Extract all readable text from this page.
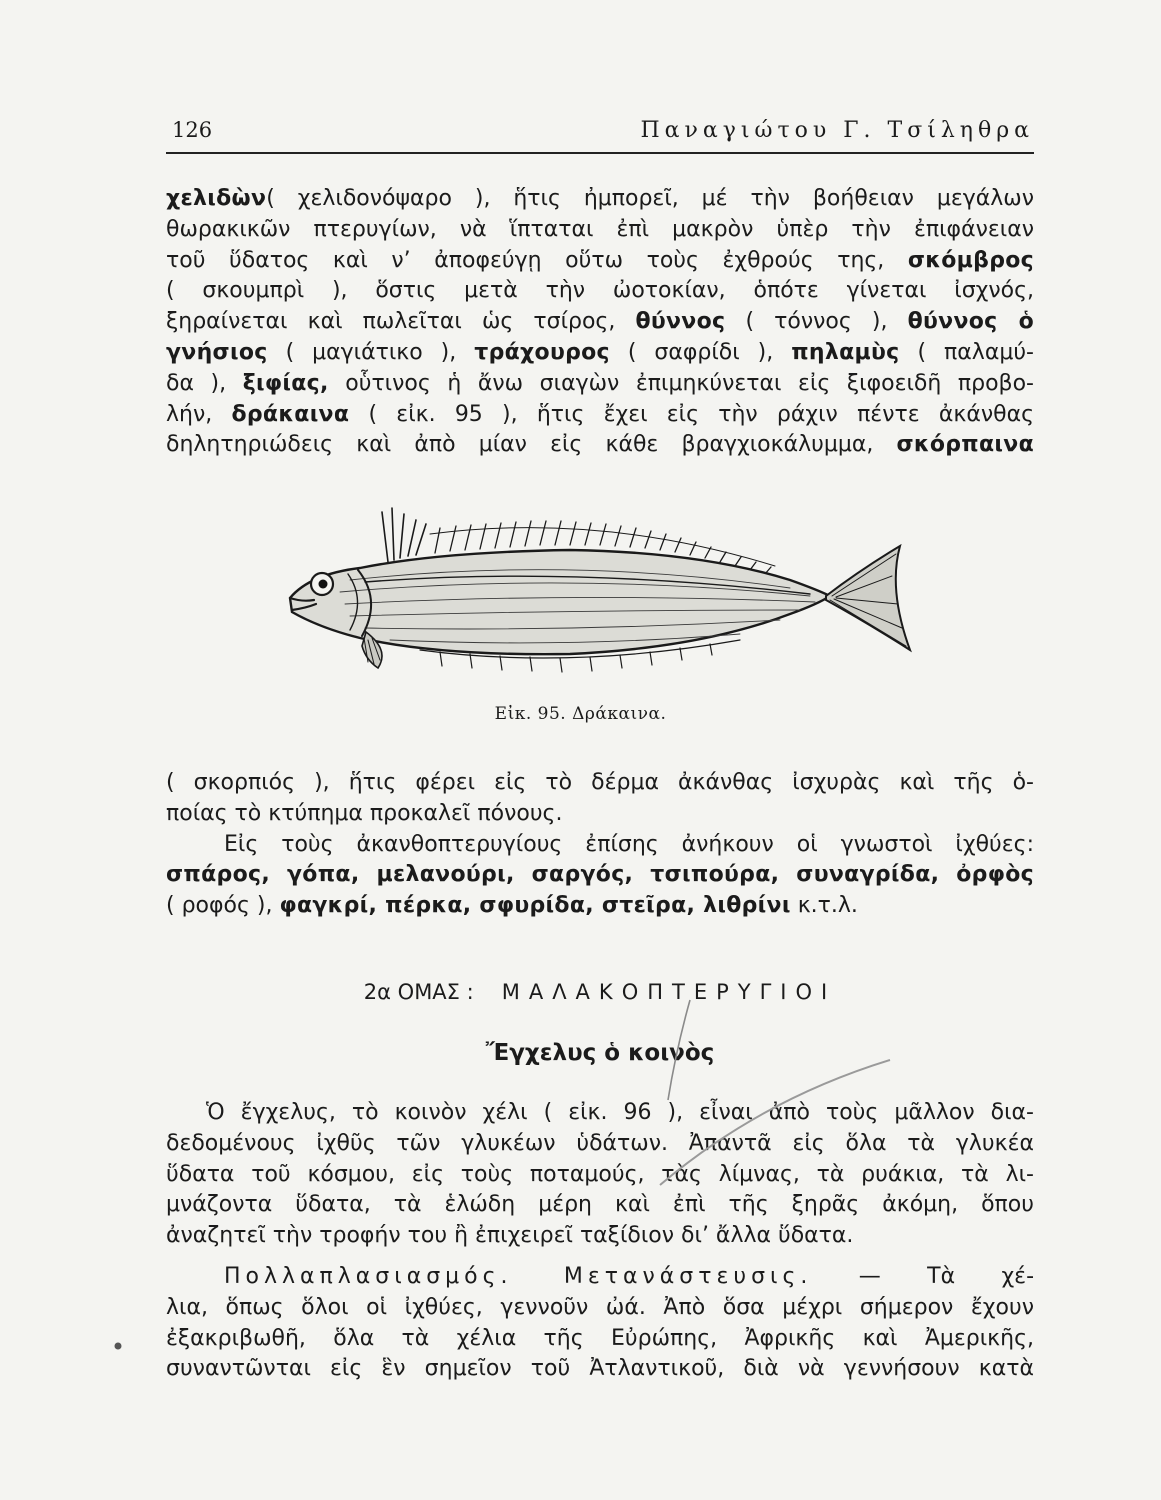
126	Παναγιώτου Γ. Τσίληθρα
χελιδὼν( χελιδονόψαρο ), ἥτις ἠμπορεῖ, μέ τὴν βοήθειαν μεγάλων
θωρακικῶν πτερυγίων, νὰ ἵπταται ἐπὶ μακρὸν ὑπὲρ τὴν ἐπιφάνειαν
τοῦ ὕδατος καὶ ν’ ἀποφεύγῃ οὕτω τοὺς ἐχθρούς της, σκόμβρος
( σκουμπρὶ ), ὅστις μετὰ τὴν ὠοτοκίαν, ὁπότε γίνεται ἰσχνός,
ξηραίνεται καὶ πωλεῖται ὡς τσίρος, θύννος ( τόννος ), θύννος ὁ
γνήσιος ( μαγιάτικο ), τράχουρος ( σαφρίδι ), πηλαμὺς ( παλαμύ-
δα ), ξιφίας, οὗτινος ἡ ἄνω σιαγὼν ἐπιμηκύνεται εἰς ξιφοειδῆ προβο-
λήν, δράκαινα ( εἰκ. 95 ), ἥτις ἔχει εἰς τὴν ράχιν πέντε ἀκάνθας
δηλητηριώδεις καὶ ἀπὸ μίαν εἰς κάθε βραγχιοκάλυμμα, σκόρπαινα
Εἰκ. 95. Δράκαινα.
( σκορπιός ), ἥτις φέρει εἰς τὸ δέρμα ἀκάνθας ἰσχυρὰς καὶ τῆς ὁ-
ποίας τὸ κτύπημα προκαλεῖ πόνους.
Εἰς τοὺς ἀκανθοπτερυγίους ἐπίσης ἀνήκουν οἱ γνωστοὶ ἰχθύες:
σπάρος, γόπα, μελανούρι, σαργός, τσιπούρα, συναγρίδα, ὀρφὸς
( ροφός ), φαγκρί, πέρκα, σφυρίδα, στεῖρα, λιθρίνι κ.τ.λ.
2α ΟΜΑΣ : ΜΑΛΑΚΟΠΤΕΡΥΓΙΟΙ
Ἔγχελυς ὁ κοινὸς
Ὁ ἔγχελυς, τὸ κοινὸν χέλι ( εἰκ. 96 ), εἶναι ἀπὸ τοὺς μᾶλλον δια-
δεδομένους ἰχθῦς τῶν γλυκέων ὑδάτων. Ἀπαντᾶ εἰς ὅλα τὰ γλυκέα
ὕδατα τοῦ κόσμου, εἰς τοὺς ποταμούς, τὰς λίμνας, τὰ ρυάκια, τὰ λι-
μνάζοντα ὕδατα, τὰ ἑλώδη μέρη καὶ ἐπὶ τῆς ξηρᾶς ἀκόμη, ὅπου
ἀναζητεῖ τὴν τροφήν του ἢ ἐπιχειρεῖ ταξίδιον δι’ ἄλλα ὕδατα.
Πολλαπλασιασμός. Μετανάστευσις. — Τὰ χέ-
λια, ὅπως ὅλοι οἱ ἰχθύες, γεννοῦν ὠά. Ἀπὸ ὅσα μέχρι σήμερον ἔχουν
ἐξακριβωθῆ, ὅλα τὰ χέλια τῆς Εὐρώπης, Ἀφρικῆς καὶ Ἀμερικῆς,
συναντῶνται εἰς ἓν σημεῖον τοῦ Ἀτλαντικοῦ, διὰ νὰ γεννήσουν κατὰ
